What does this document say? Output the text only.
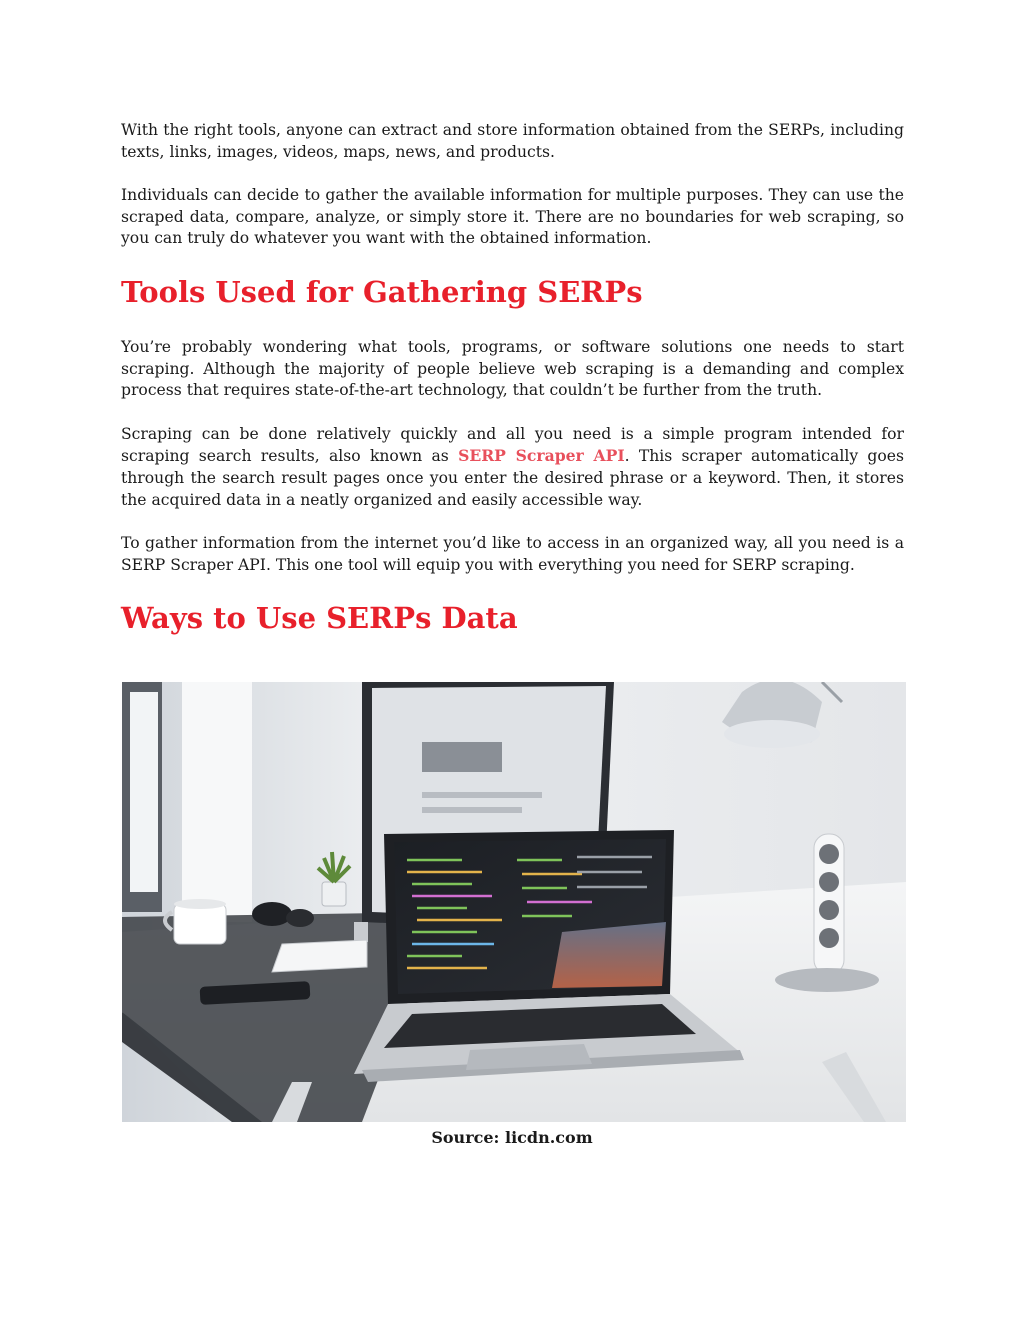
With the right tools, anyone can extract and store information obtained from the SERPs, including texts, links, images, videos, maps, news, and products.

Individuals can decide to gather the available information for multiple purposes. They can use the scraped data, compare, analyze, or simply store it. There are no boundaries for web scraping, so you can truly do whatever you want with the obtained information.

Tools Used for Gathering SERPs

You’re probably wondering what tools, programs, or software solutions one needs to start scraping. Although the majority of people believe web scraping is a demanding and complex process that requires state-of-the-art technology, that couldn’t be further from the truth.

Scraping can be done relatively quickly and all you need is a simple program intended for scraping search results, also known as SERP Scraper API. This scraper automatically goes through the search result pages once you enter the desired phrase or a keyword. Then, it stores the acquired data in a neatly organized and easily accessible way.

To gather information from the internet you’d like to access in an organized way, all you need is a SERP Scraper API. This one tool will equip you with everything you need for SERP scraping.

Ways to Use SERPs Data
Source: licdn.com
